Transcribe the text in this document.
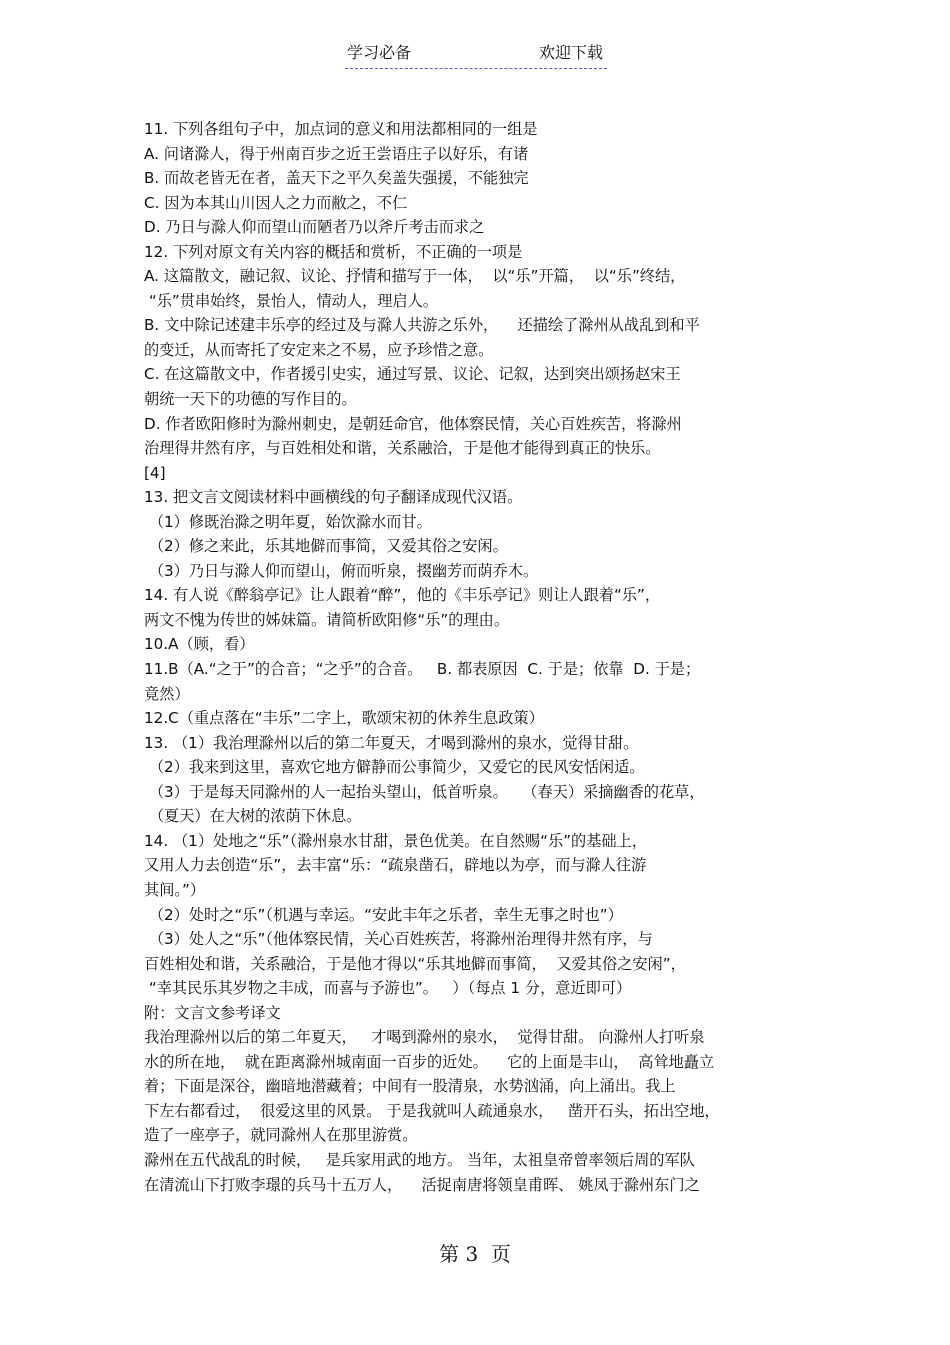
学习必备	欢迎下载
11. 下列各组句子中，加点词的意义和用法都相同的一组是
A. 问诸滁人，得于州南百步之近王尝语庄子以好乐，有诸
B. 而故老皆无在者，盖天下之平久矣盖失强援，不能独完
C. 因为本其山川因人之力而敝之，不仁
D. 乃日与滁人仰而望山而陋者乃以斧斤考击而求之
12. 下列对原文有关内容的概括和赏析，不正确的一项是
A. 这篇散文，融记叙、议论、抒情和描写于一体，  以“乐”开篇，  以“乐”终结，
“乐”贯串始终，景怡人，情动人，理启人。
B. 文中除记述建丰乐亭的经过及与滁人共游之乐外，    还描绘了滁州从战乱到和平
的变迁，从而寄托了安定来之不易，应予珍惜之意。
C. 在这篇散文中，作者援引史实，通过写景、议论、记叙，达到突出颂扬赵宋王
朝统一天下的功德的写作目的。
D. 作者欧阳修时为滁州刺史，是朝廷命官，他体察民情，关心百姓疾苦，将滁州
治理得井然有序，与百姓相处和谐，关系融洽，于是他才能得到真正的快乐。
[4]
13. 把文言文阅读材料中画横线的句子翻译成现代汉语。
（1）修既治滁之明年夏，始饮滁水而甘。
（2）修之来此，乐其地僻而事简，又爱其俗之安闲。
（3）乃日与滁人仰而望山，俯而听泉，掇幽芳而荫乔木。
14. 有人说《醉翁亭记》让人跟着“醉”，他的《丰乐亭记》则让人跟着“乐”，
两文不愧为传世的姊妹篇。请简析欧阳修“乐”的理由。
10.A（顾，看）
11.B（A.“之于”的合音；“之乎”的合音。   B. 都表原因  C. 于是；依靠  D. 于是；
竟然）
12.C（重点落在“丰乐”二字上，歌颂宋初的休养生息政策）
13. （1）我治理滁州以后的第二年夏天，才喝到滁州的泉水，觉得甘甜。
（2）我来到这里，喜欢它地方僻静而公事简少，又爱它的民风安恬闲适。
（3）于是每天同滁州的人一起抬头望山，低首听泉。   （春天）采摘幽香的花草，
（夏天）在大树的浓荫下休息。
14. （1）处地之“乐”（滁州泉水甘甜，景色优美。在自然赐“乐”的基础上，
又用人力去创造“乐”，去丰富“乐：“疏泉凿石，辟地以为亭，而与滁人往游
其间。”）
（2）处时之“乐”（机遇与幸运。“安此丰年之乐者，幸生无事之时也”）
（3）处人之“乐”（他体察民情，关心百姓疾苦，将滁州治理得井然有序，与
百姓相处和谐，关系融洽，于是他才得以“乐其地僻而事简，  又爱其俗之安闲”，
“幸其民乐其岁物之丰成，而喜与予游也”。   ）（每点 1 分，意近即可）
附：文言文参考译文
我治理滁州以后的第二年夏天，   才喝到滁州的泉水，  觉得甘甜。 向滁州人打听泉
水的所在地，  就在距离滁州城南面一百步的近处。    它的上面是丰山，  高耸地矗立
着；下面是深谷，幽暗地潜藏着；中间有一股清泉，水势汹涌，向上涌出。我上
下左右都看过，  很爱这里的风景。 于是我就叫人疏通泉水，   凿开石头，拓出空地，
造了一座亭子，就同滁州人在那里游赏。
滁州在五代战乱的时候，   是兵家用武的地方。 当年，太祖皇帝曾率领后周的军队
在清流山下打败李璟的兵马十五万人，    活捉南唐将领皇甫晖、 姚凤于滁州东门之
第 3  页
